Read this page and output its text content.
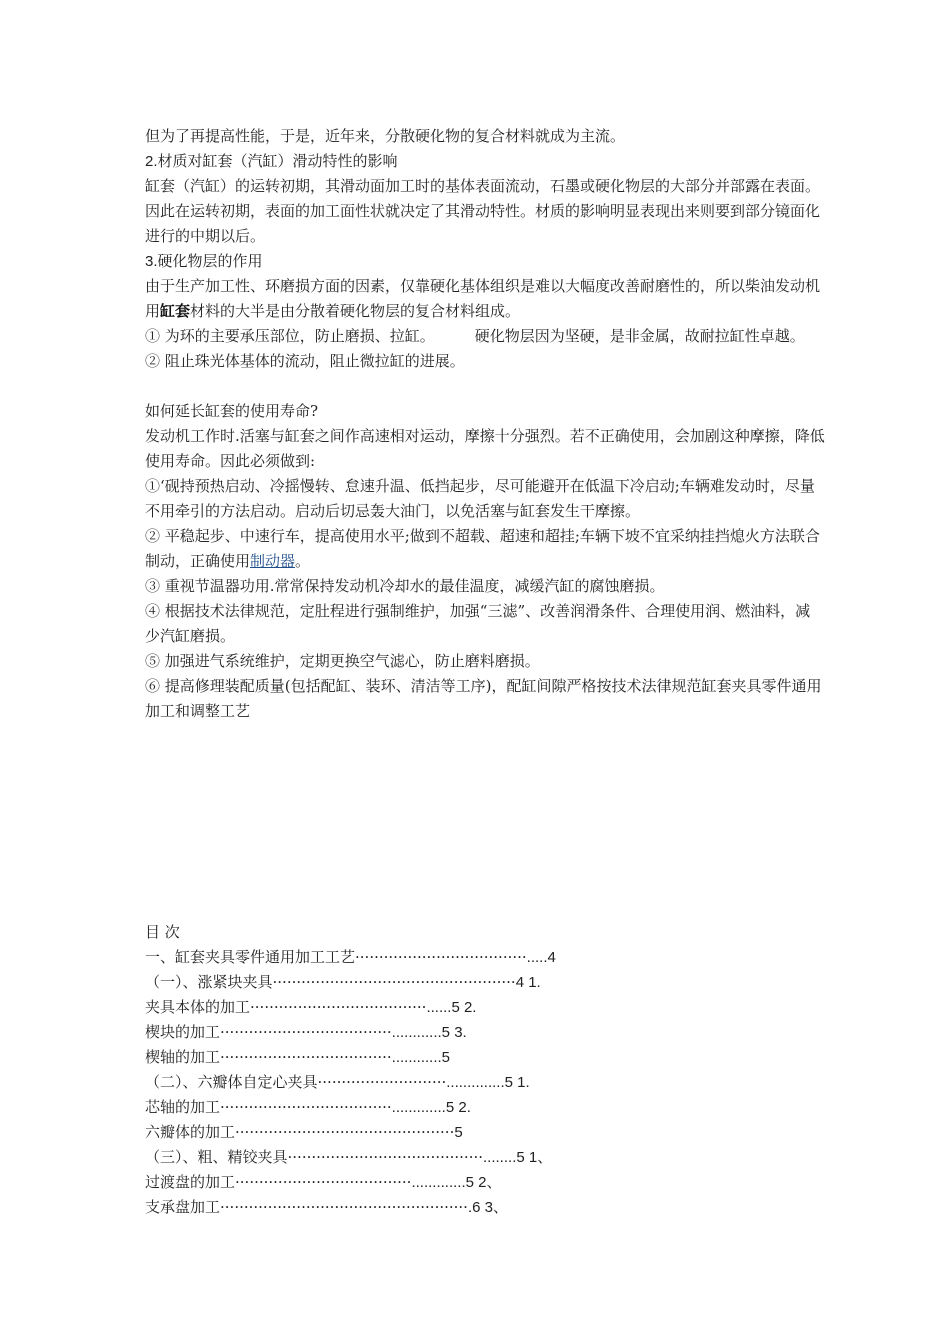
但为了再提高性能，于是，近年来，分散硬化物的复合材料就成为主流。

2.材质对缸套（汽缸）滑动特性的影响

缸套（汽缸）的运转初期，其滑动面加工时的基体表面流动，石墨或硬化物层的大部分并部露在表面。因此在运转初期，表面的加工面性状就决定了其滑动特性。材质的影响明显表现出来则要到部分镜面化进行的中期以后。

3.硬化物层的作用

由于生产加工性、环磨损方面的因素，仅靠硬化基体组织是难以大幅度改善耐磨性的，所以柴油发动机用缸套材料的大半是由分散着硬化物层的复合材料组成。

① 为环的主要承压部位，防止磨损、拉缸。	硬化物层因为坚硬，是非金属，故耐拉缸性卓越。

② 阻止珠光体基体的流动，阻止微拉缸的进展。

如何延长缸套的使用寿命?

发动机工作时.活塞与缸套之间作高速相对运动，摩擦十分强烈。若不正确使用，会加剧这种摩擦，降低使用寿命。因此必须做到:

①‘砚持预热启动、冷摇慢转、怠速升温、低挡起步，尽可能避开在低温下冷启动;车辆难发动时，尽量不用牵引的方法启动。启动后切忌轰大油门，以免活塞与缸套发生干摩擦。

② 平稳起步、中速行车，提高使用水平;做到不超载、超速和超挂;车辆下坡不宜采纳挂挡熄火方法联合制动，正确使用制动器。

③ 重视节温器功用.常常保持发动机冷却水的最佳温度，减缓汽缸的腐蚀磨损。

④ 根据技术法律规范，定肚程进行强制维护，加强“三滤”、改善润滑条件、合理使用润、燃油料，减少汽缸磨损。

⑤ 加强进气系统维护，定期更换空气滤心，防止磨料磨损。

⑥ 提高修理装配质量(包括配缸、装环、清洁等工序)，配缸间隙严格按技术法律规范缸套夹具零件通用加工和调整工艺

目 次

一、缸套夹具零件通用加工工艺····································.....4

（一）、涨紧块夹具···················································4 1.

夹具本体的加工·····································......5 2.

楔块的加工····································............5 3.

楔轴的加工····································............5

（二）、六瓣体自定心夹具···························..............5 1.

芯轴的加工····································.............5 2.

六瓣体的加工··············································5

（三）、粗、精铰夹具·········································........5 1、

过渡盘的加工·····································.............5 2、

支承盘加工····················································.6 3、
